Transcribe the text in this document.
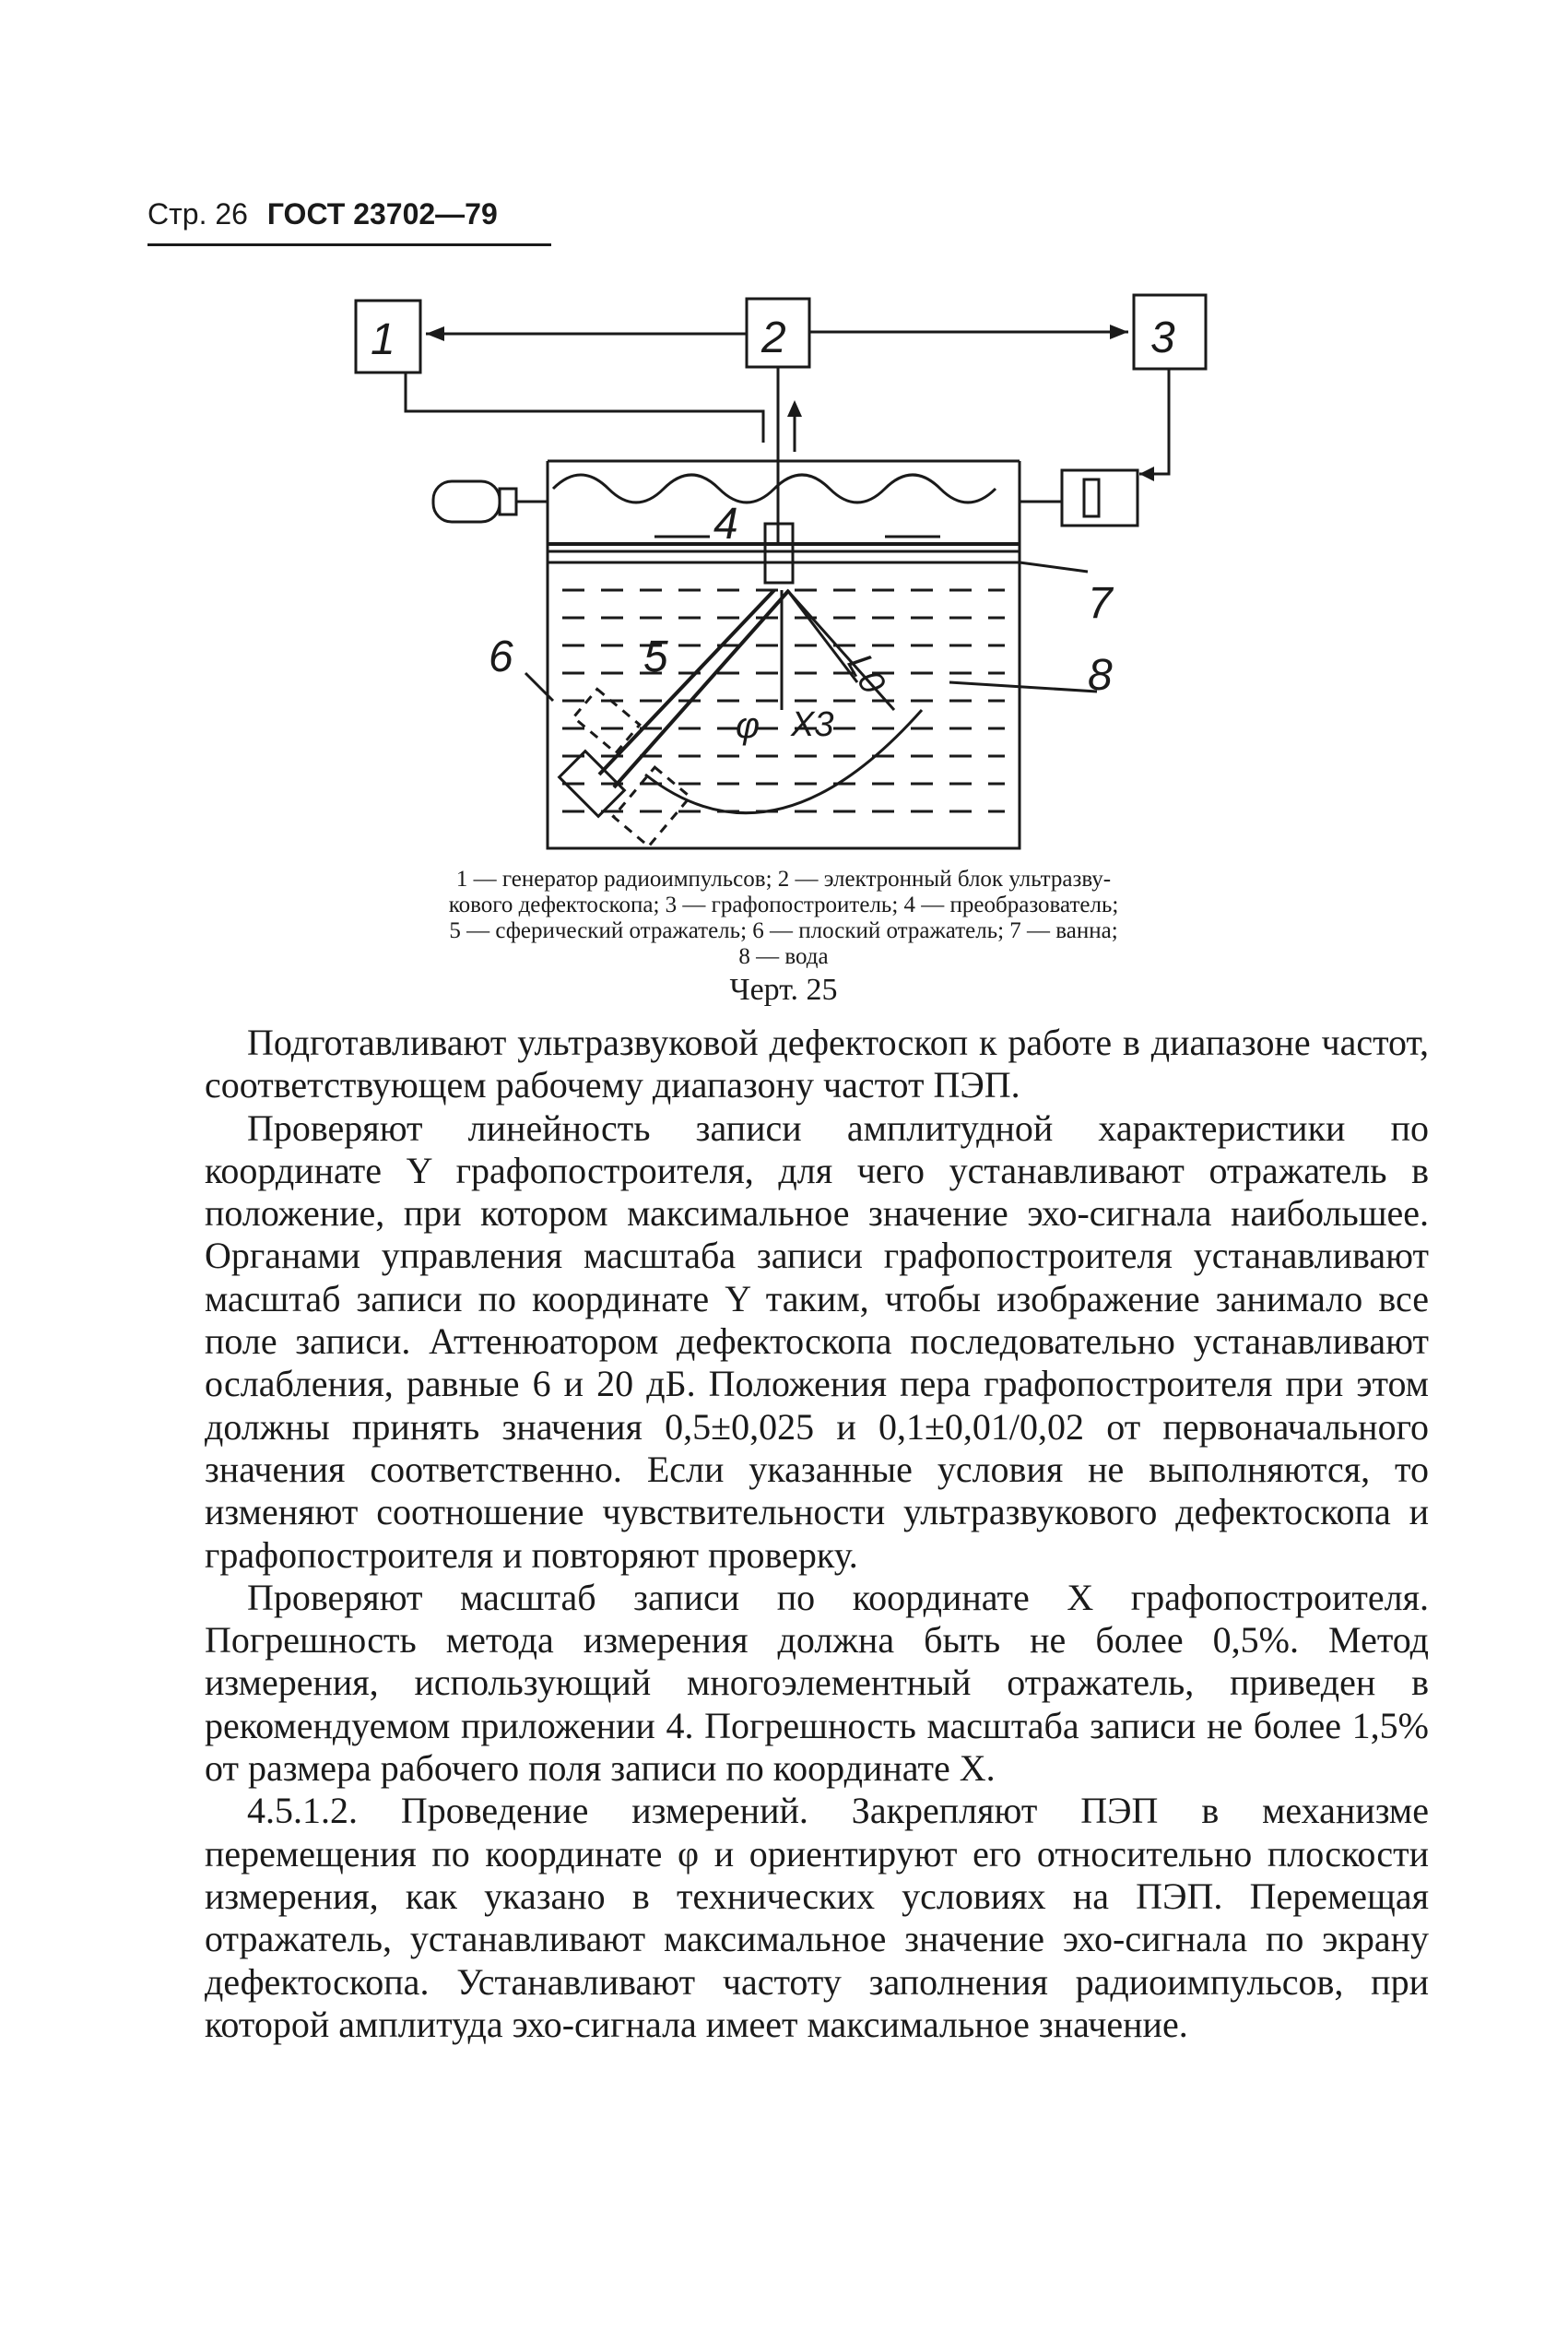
Стр. 26 ГОСТ 23702—79
1	2	3
4
5
6
7
8
φ X3
L0
1 — генератор радиоимпульсов; 2 — электронный блок ультразву-
кового дефектоскопа; 3 — графопостроитель; 4 — преобразователь;
5 — сферический отражатель; 6 — плоский отражатель; 7 — ванна;
8 — вода
Черт. 25

Подготавливают ультразвуковой дефектоскоп к работе в диапазоне частот, соответствующем рабочему диапазону частот ПЭП.

Проверяют линейность записи амплитудной характеристики по координате Y графопостроителя, для чего устанавливают отражатель в положение, при котором максимальное значение эхо-сигнала наибольшее. Органами управления масштаба записи графопостроителя устанавливают масштаб записи по координате Y таким, чтобы изображение занимало все поле записи. Аттенюатором дефектоскопа последовательно устанавливают ослабления, равные 6 и 20 дБ. Положения пера графопостроителя при этом должны принять значения 0,5±0,025 и 0,1±0,01/0,02 от первоначального значения соответственно. Если указанные условия не выполняются, то изменяют соотношение чувствительности ультразвукового дефектоскопа и графопостроителя и повторяют проверку.

Проверяют масштаб записи по координате X графопостроителя. Погрешность метода измерения должна быть не более 0,5%. Метод измерения, использующий многоэлементный отражатель, приведен в рекомендуемом приложении 4. Погрешность масштаба записи не более 1,5% от размера рабочего поля записи по координате X.

4.5.1.2. Проведение измерений. Закрепляют ПЭП в механизме перемещения по координате φ и ориентируют его относительно плоскости измерения, как указано в технических условиях на ПЭП. Перемещая отражатель, устанавливают максимальное значение эхо-сигнала по экрану дефектоскопа. Устанавливают частоту заполнения радиоимпульсов, при которой амплитуда эхо-сигнала имеет максимальное значение.
